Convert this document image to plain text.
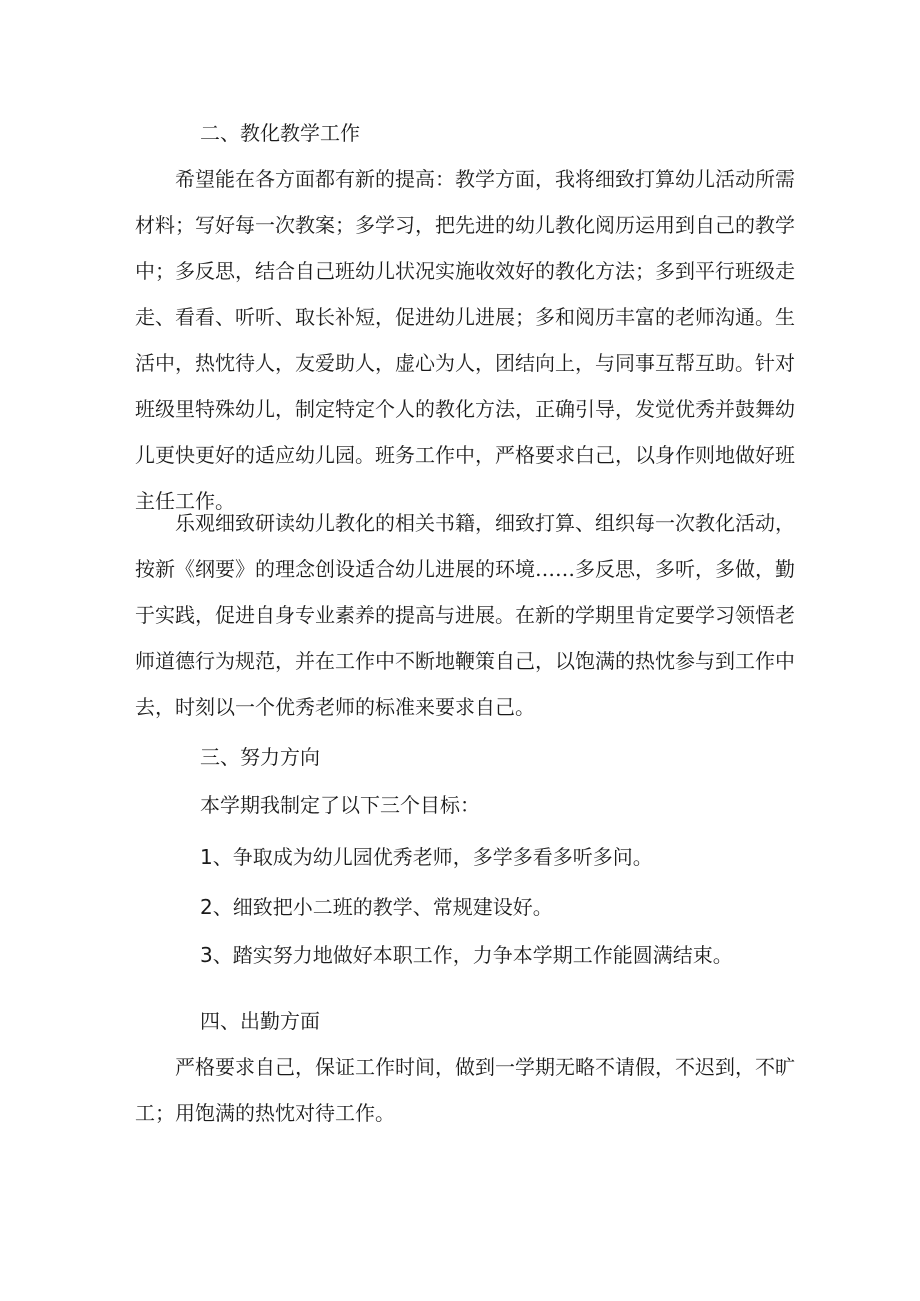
二、教化教学工作

希望能在各方面都有新的提高：教学方面，我将细致打算幼儿活动所需材料；写好每一次教案；多学习，把先进的幼儿教化阅历运用到自己的教学中；多反思，结合自己班幼儿状况实施收效好的教化方法；多到平行班级走走、看看、听听、取长补短，促进幼儿进展；多和阅历丰富的老师沟通。生活中，热忱待人，友爱助人，虚心为人，团结向上，与同事互帮互助。针对班级里特殊幼儿，制定特定个人的教化方法，正确引导，发觉优秀并鼓舞幼儿更快更好的适应幼儿园。班务工作中，严格要求白己，以身作则地做好班主任工作。

乐观细致研读幼儿教化的相关书籍，细致打算、组织每一次教化活动，按新《纲要》的理念创设适合幼儿进展的环境……多反思，多听，多做，勤于实践，促进自身专业素养的提高与进展。在新的学期里肯定要学习领悟老师道德行为规范，并在工作中不断地鞭策自己，以饱满的热忱参与到工作中去，时刻以一个优秀老师的标准来要求自己。

三、努力方向

本学期我制定了以下三个目标：

1、争取成为幼儿园优秀老师，多学多看多听多问。

2、细致把小二班的教学、常规建设好。

3、踏实努力地做好本职工作，力争本学期工作能圆满结束。

四、出勤方面

严格要求自己，保证工作时间，做到一学期无略不请假，不迟到，不旷工；用饱满的热忱对待工作。
